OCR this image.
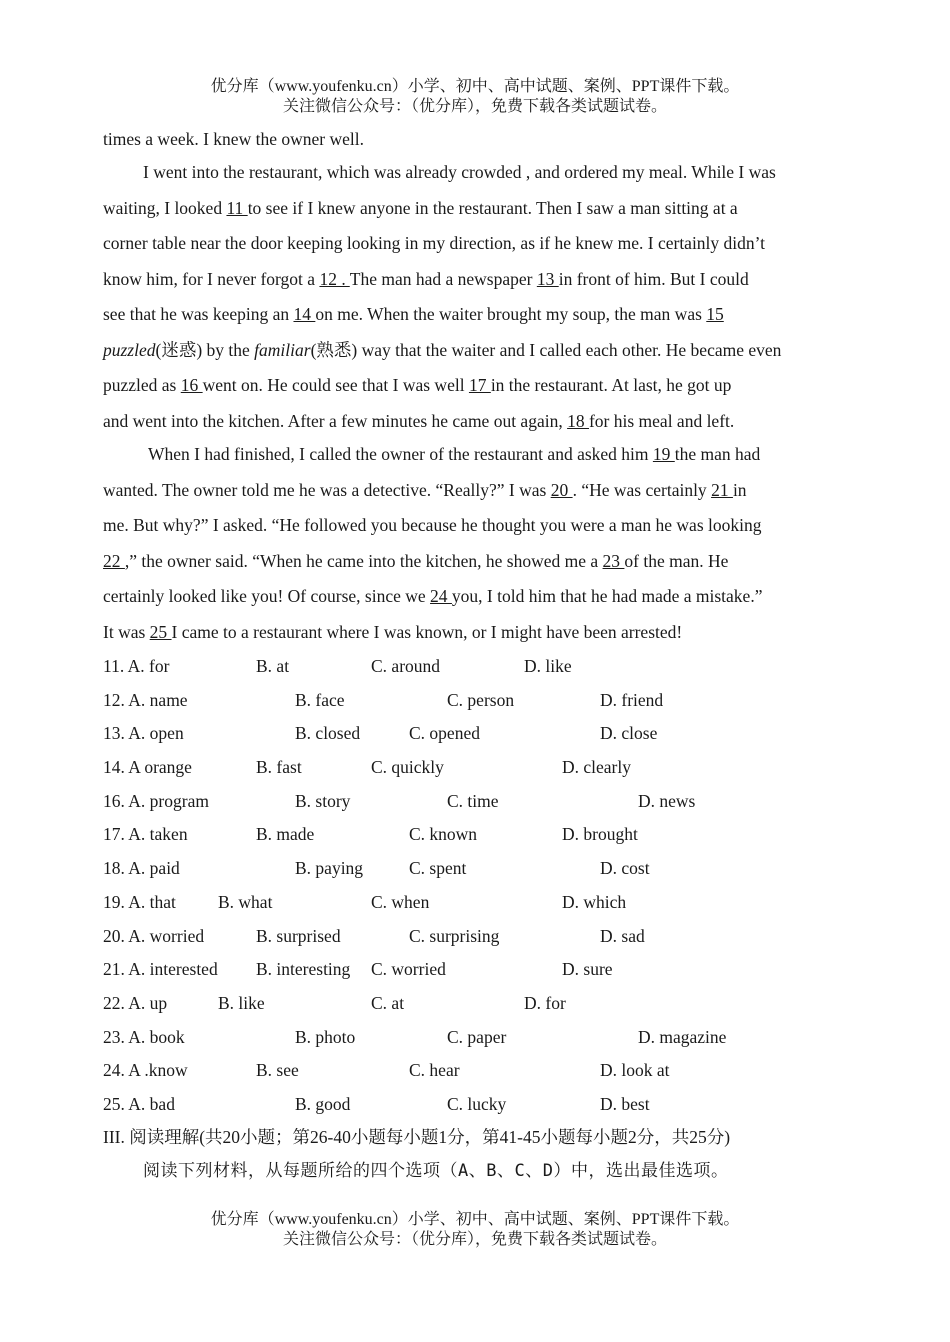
优分库（www.youfenku.cn）小学、初中、高中试题、案例、PPT课件下载。
关注微信公众号：（优分库），免费下载各类试题试卷。
times a week. I knew the owner well.
I went into the restaurant, which was already crowded , and ordered my meal. While I was
waiting, I looked 11 to see if I knew anyone in the restaurant. Then I saw a man sitting at a
corner table near the door keeping looking in my direction, as if he knew me. I certainly didn’t
know him, for I never forgot a 12 . The man had a newspaper 13 in front of him. But I could
see that he was keeping an 14 on me. When the waiter brought my soup, the man was 15
puzzled(迷惑) by the familiar(熟悉) way that the waiter and I called each other. He became even
puzzled as 16 went on. He could see that I was well 17 in the restaurant. At last, he got up
and went into the kitchen. After a few minutes he came out again, 18 for his meal and left.
When I had finished, I called the owner of the restaurant and asked him 19 the man had
wanted. The owner told me he was a detective. “Really?” I was 20 . “He was certainly 21 in
me. But why?” I asked. “He followed you because he thought you were a man he was looking
22 ,” the owner said. “When he came into the kitchen, he showed me a 23 of the man. He
certainly looked like you! Of course, since we 24 you, I told him that he had made a mistake.”
It was 25 I came to a restaurant where I was known, or I might have been arrested!
11. A. for	B. at	C. around	D. like
12. A. name	B. face	C. person	D. friend
13. A. open	B. closed	C. opened	D. close
14. A orange	B. fast	C. quickly	D. clearly
16. A. program	B. story	C. time	D. news
17. A. taken	B. made	C. known	D. brought
18. A. paid	B. paying	C. spent	D. cost
19. A. that B. what	C. when	D. which
20. A. worried	B. surprised	C. surprising	D. sad
21. A. interested B. interesting C. worried	D. sure
22. A. up	B. like	C. at	D. for
23. A. book	B. photo	C. paper	D. magazine
24. A .know	B. see	C. hear	D. look at
25. A. bad	B. good	C. lucky	D. best
III. 阅读理解(共20小题；第26-40小题每小题1分，第41-45小题每小题2分，共25分)
阅读下列材料，从每题所给的四个选项（A、B、C、D）中，选出最佳选项。
优分库（www.youfenku.cn）小学、初中、高中试题、案例、PPT课件下载。
关注微信公众号：（优分库），免费下载各类试题试卷。
